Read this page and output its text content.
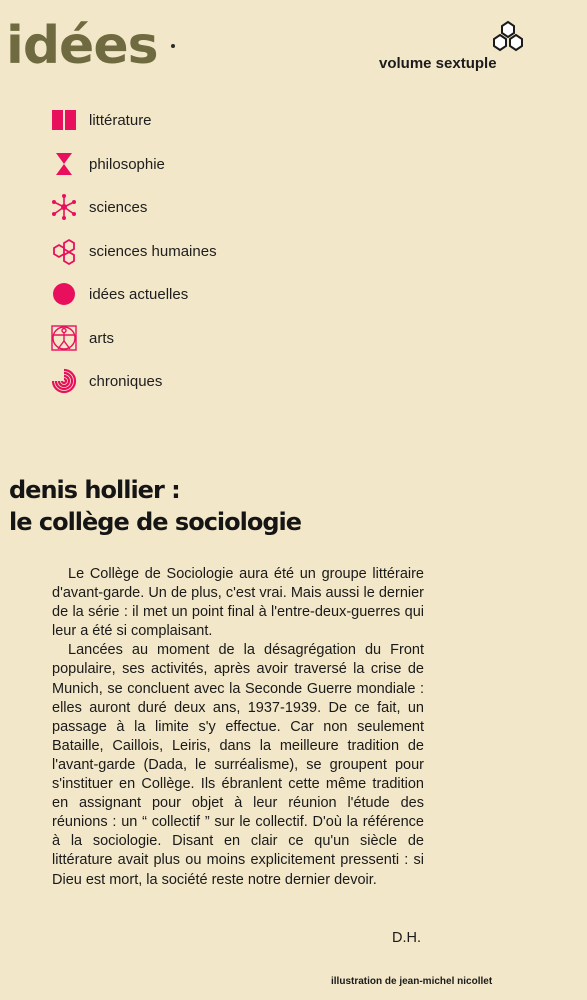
idées	volume sextuple
littérature
philosophie
sciences
sciences humaines
idées actuelles
arts
chroniques
denis hollier :
le collège de sociologie

Le Collège de Sociologie aura été un groupe littéraire d'avant-garde. Un de plus, c'est vrai. Mais aussi le dernier de la série : il met un point final à l'entre-deux-guerres qui leur a été si complaisant.

Lancées au moment de la désagrégation du Front populaire, ses activités, après avoir traversé la crise de Munich, se concluent avec la Seconde Guerre mondiale : elles auront duré deux ans, 1937-1939. De ce fait, un passage à la limite s'y effectue. Car non seulement Bataille, Caillois, Leiris, dans la meilleure tradition de l'avant-garde (Dada, le surréalisme), se groupent pour s'instituer en Collège. Ils ébranlent cette même tradition en assignant pour objet à leur réunion l'étude des réunions : un “ collectif ” sur le collectif. D'où la référence à la sociologie. Disant en clair ce qu'un siècle de littérature avait plus ou moins explicitement pressenti : si Dieu est mort, la société reste notre dernier devoir.

D.H.
illustration de jean-michel nicollet
